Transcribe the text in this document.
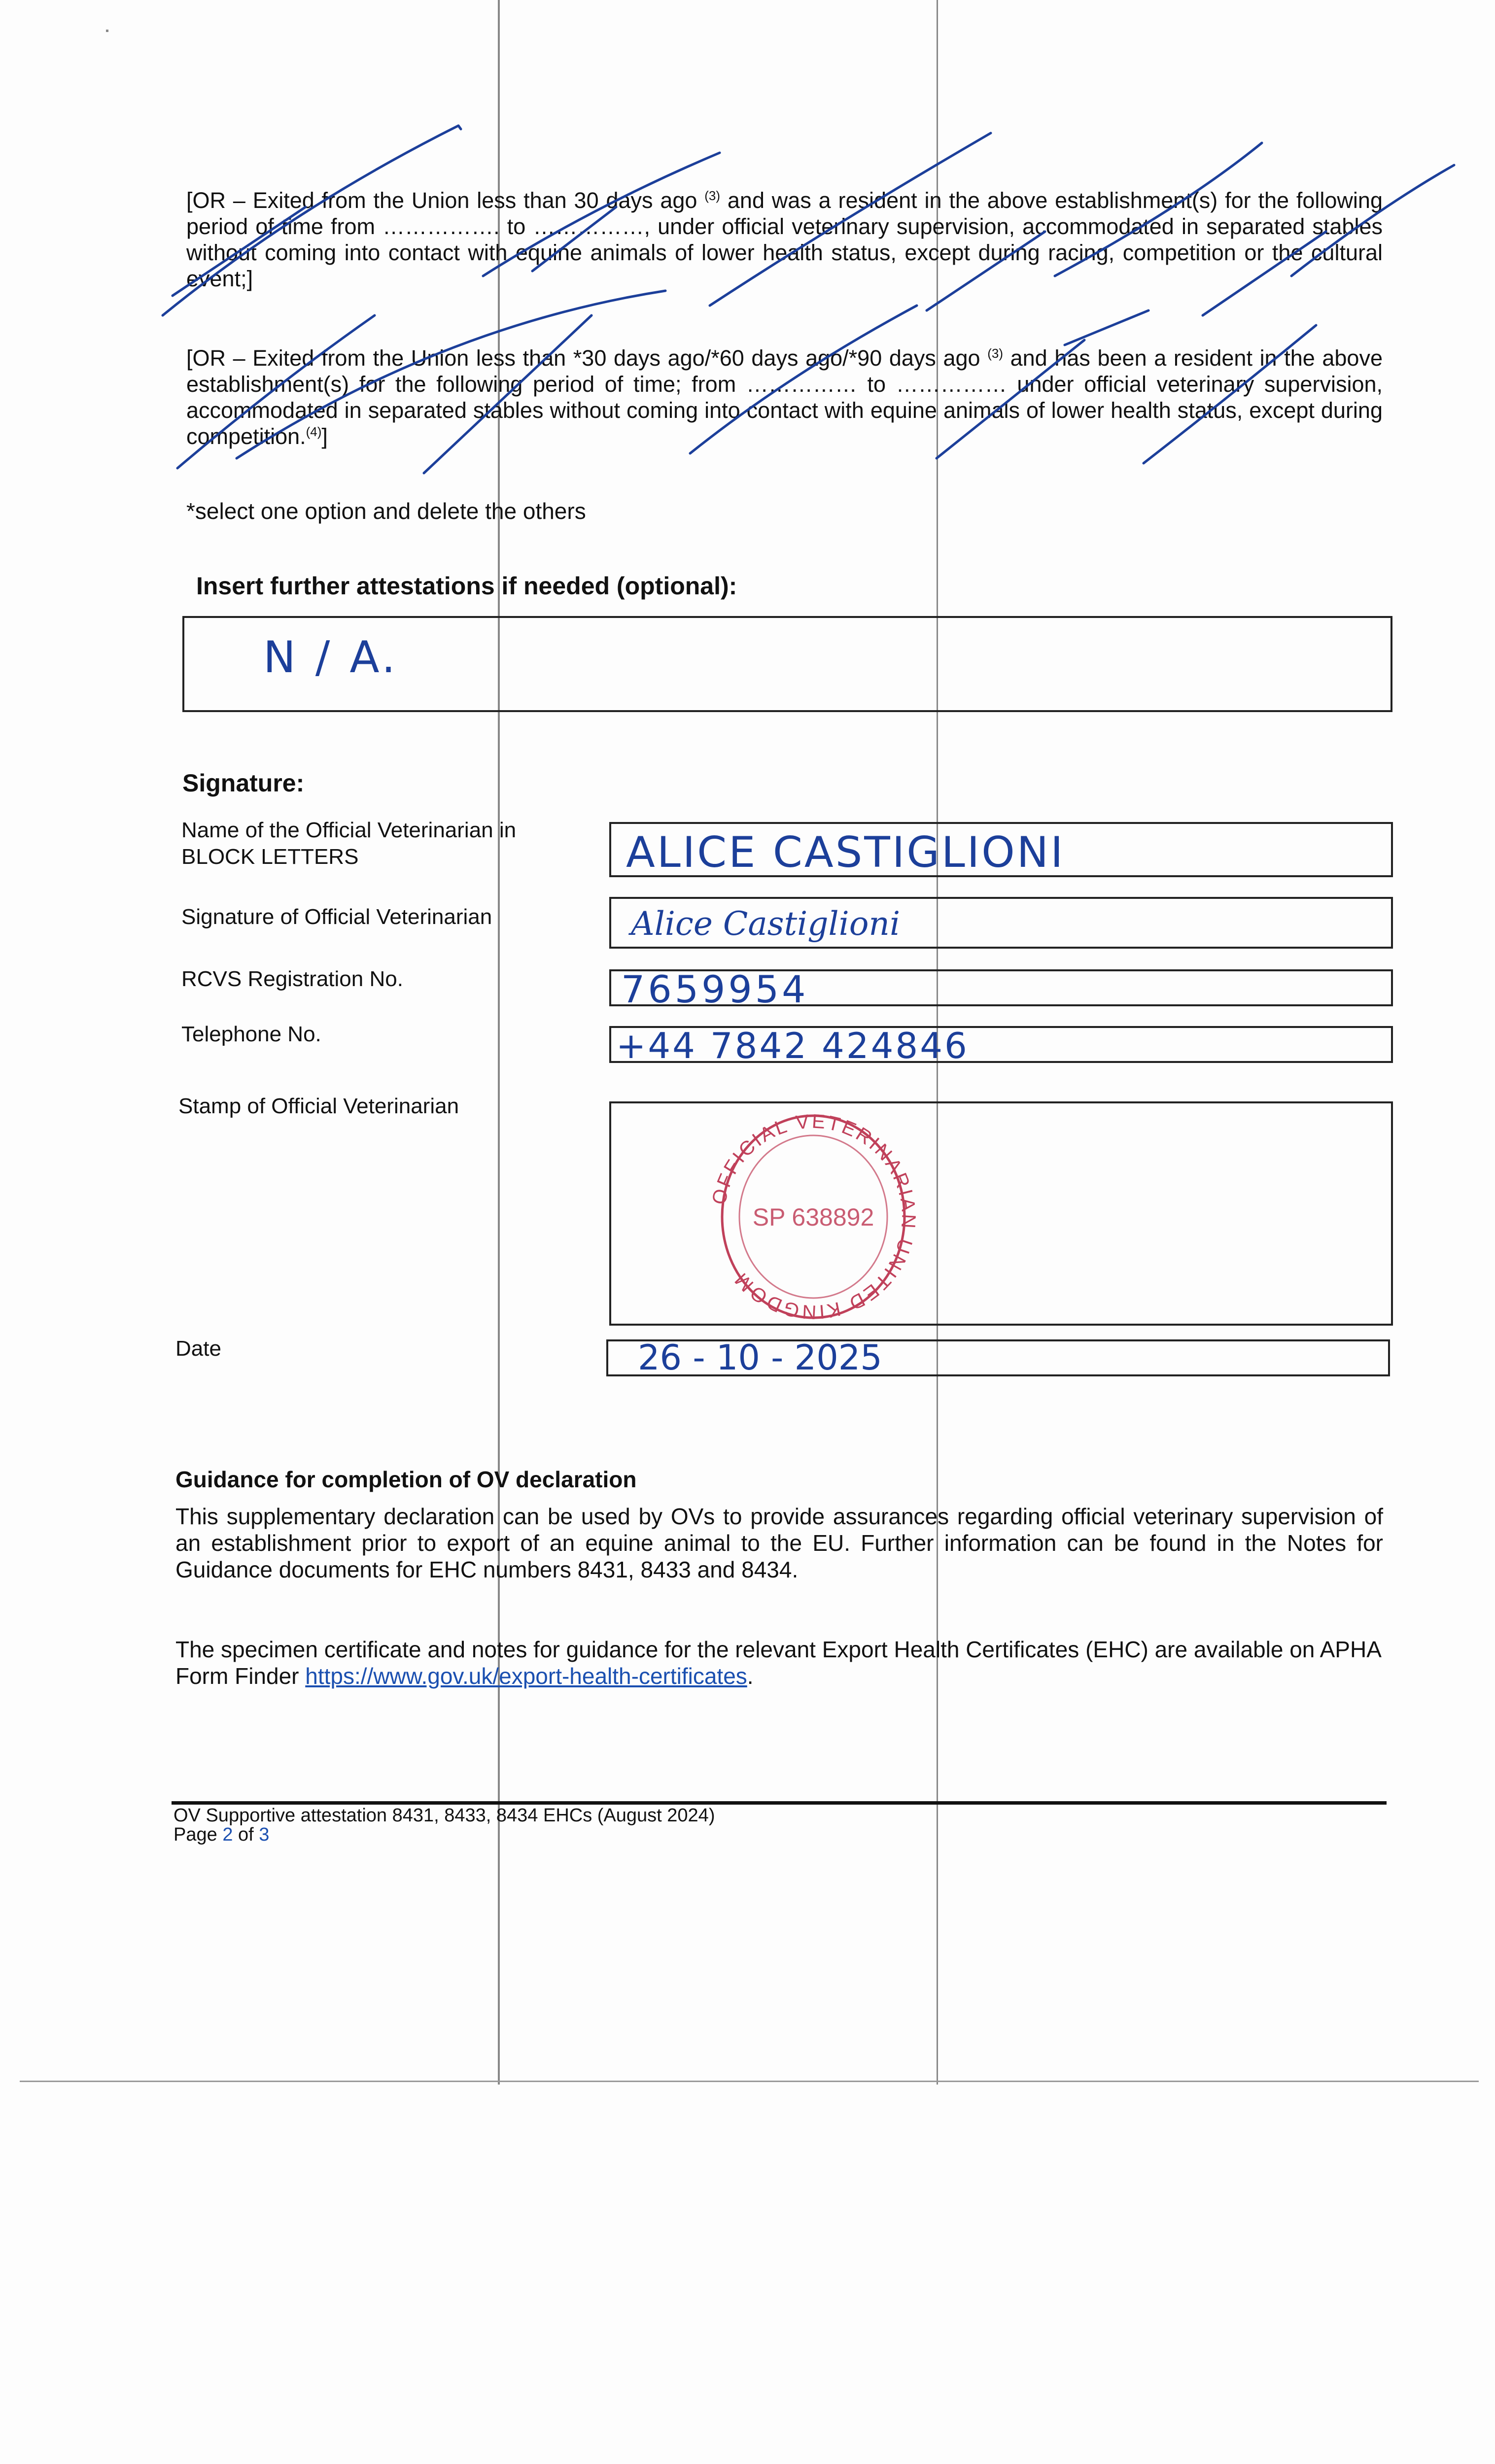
[OR – Exited from the Union less than 30 days ago $^{(3)}$ and was a resident in the above establishment(s) for the following period of time from ……………. to ……………, under official veterinary supervision, accommodated in separated stables without coming into contact with equine animals of lower health status, except during racing, competition or the cultural event;]
[OR – Exited from the Union less than *30 days ago/*60 days ago/*90 days ago $^{(3)}$ and has been a resident in the above establishment(s) for the following period of time; from …………… to …………… under official veterinary supervision, accommodated in separated stables without coming into contact with equine animals of lower health status, except during competition.$^{(4)}$]
*select one option and delete the others
Insert further attestations if needed (optional):
N / A.
Signature:
Name of the Official Veterinarian in BLOCK LETTERS	ALICE CASTIGLIONI
Signature of Official Veterinarian	Alice Castiglioni
RCVS Registration No.	7659954
Telephone No.	+44 7842 424846
Stamp of Official Veterinarian
OFFICIAL VETERINARIAN UNITED KINGDOM
SP 638892
Date	26 - 10 - 2025
Guidance for completion of OV declaration
This supplementary declaration can be used by OVs to provide assurances regarding official veterinary supervision of an establishment prior to export of an equine animal to the EU. Further information can be found in the Notes for Guidance documents for EHC numbers 8431, 8433 and 8434.
The specimen certificate and notes for guidance for the relevant Export Health Certificates (EHC) are available on APHA Form Finder https://www.gov.uk/export-health-certificates.
OV Supportive attestation 8431, 8433, 8434 EHCs (August 2024)
Page 2 of 3
